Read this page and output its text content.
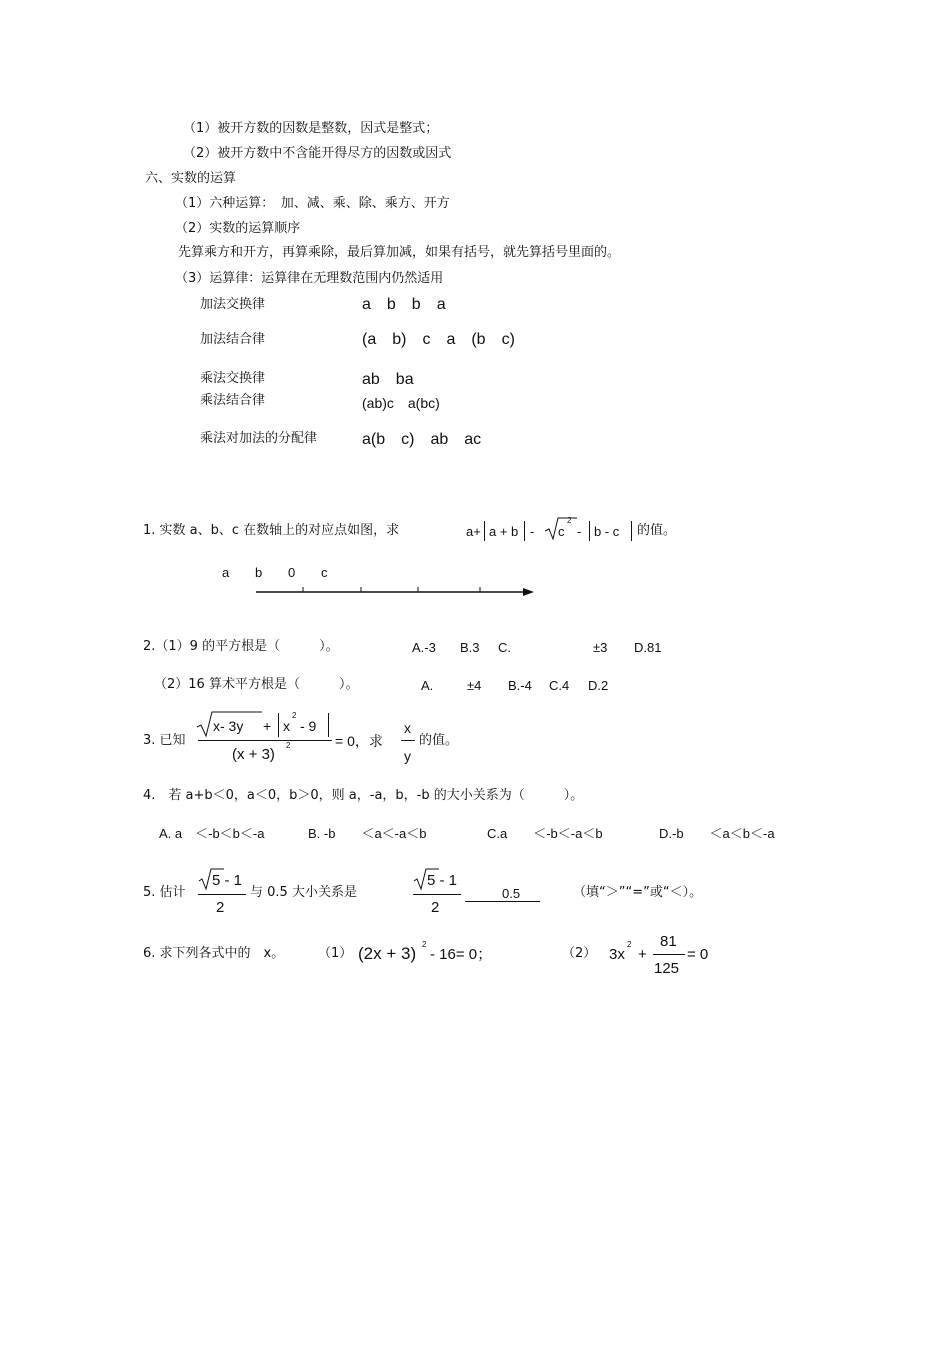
（1）被开方数的因数是整数，因式是整式；
（2）被开方数中不含能开得尽方的因数或因式
六、实数的运算
（1）六种运算：　加、减、乘、除、乘方、开方
（2）实数的运算顺序
先算乘方和开方，再算乘除，最后算加减，如果有括号，就先算括号里面的。
（3）运算律：运算律在无理数范围内仍然适用
加法交换律	a　b　b　a
加法结合律	(a　b)　c　a　(b　c)
乘法交换律	ab　ba
乘法结合律	(ab)c　a(bc)
乘法对加法的分配律	a(b　c)　ab　ac
1. 实数 a、b、c 在数轴上的对应点如图，求	a+ a + b - c
2
- b - c 的值。
a b 0 c
2.（1）9 的平方根是（　　　）。	A.-3 B.3 C.	±3 D.81
（2）16 算术平方根是（　　　）。	A.	±4 B.-4 C.4 D.2
3. 已知
x- 3y + x
2
- 9
(x + 3)
2	= 0，求
x
y
的值。
4.　若 a+b＜0，a＜0，b＞0，则 a，-a，b，-b 的大小关系为（　　　）。
A. a　＜-b＜b＜-a	B. -b　　＜a＜-a＜b	C.a　　＜-b＜-a＜b	D.-b　　＜a＜b＜-a
5. 估计
5 - 1
2
与 0.5 大小关系是
5 - 1
2
0.5	（填“＞”“=”或“＜）。
6. 求下列各式中的　x。	（1） (2x + 3) 2
- 16= 0；	（2） 3x
2
+
81
125
= 0
